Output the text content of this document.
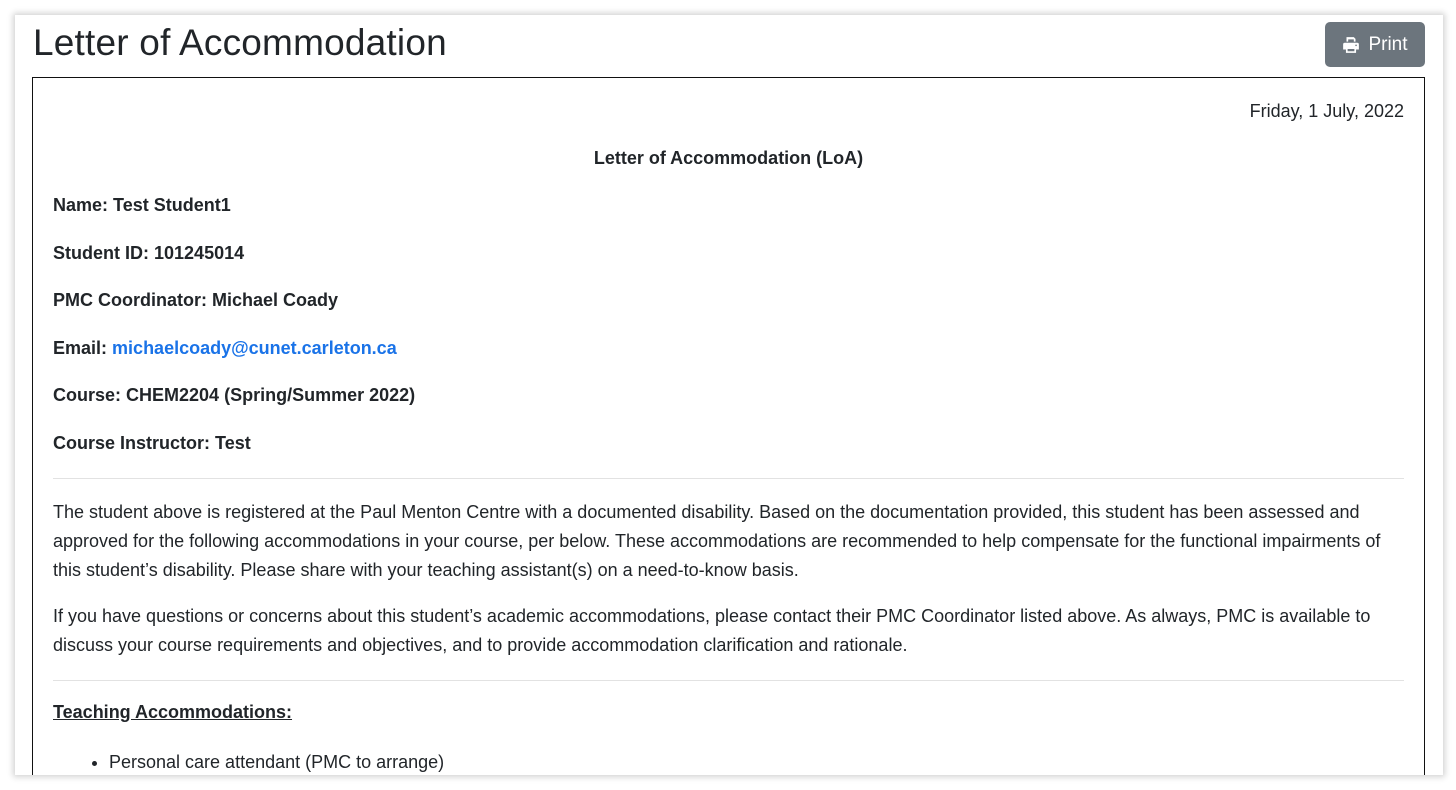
Letter of Accommodation	Print
Friday, 1 July, 2022
Letter of Accommodation (LoA)
Name: Test Student1
Student ID: 101245014
PMC Coordinator: Michael Coady
Email: michaelcoady@cunet.carleton.ca
Course: CHEM2204 (Spring/Summer 2022)
Course Instructor: Test

The student above is registered at the Paul Menton Centre with a documented disability. Based on the documentation provided, this student has been assessed and approved for the following accommodations in your course, per below. These accommodations are recommended to help compensate for the functional impairments of this student’s disability. Please share with your teaching assistant(s) on a need-to-know basis.

If you have questions or concerns about this student’s academic accommodations, please contact their PMC Coordinator listed above. As always, PMC is available to discuss your course requirements and objectives, and to provide accommodation clarification and rationale.

Teaching Accommodations:
• Personal care attendant (PMC to arrange)
